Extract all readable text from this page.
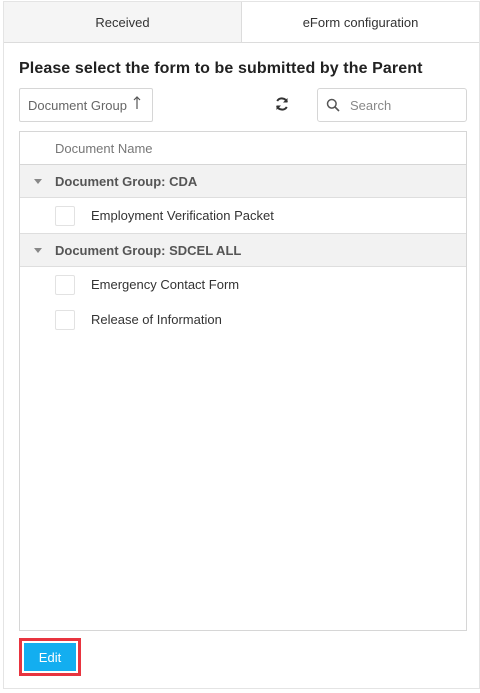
Received	eForm configuration
Please select the form to be submitted by the Parent
Document Group
Search
Document Name
Document Group: CDA
Employment Verification Packet
Document Group: SDCEL ALL
Emergency Contact Form
Release of Information
Edit
